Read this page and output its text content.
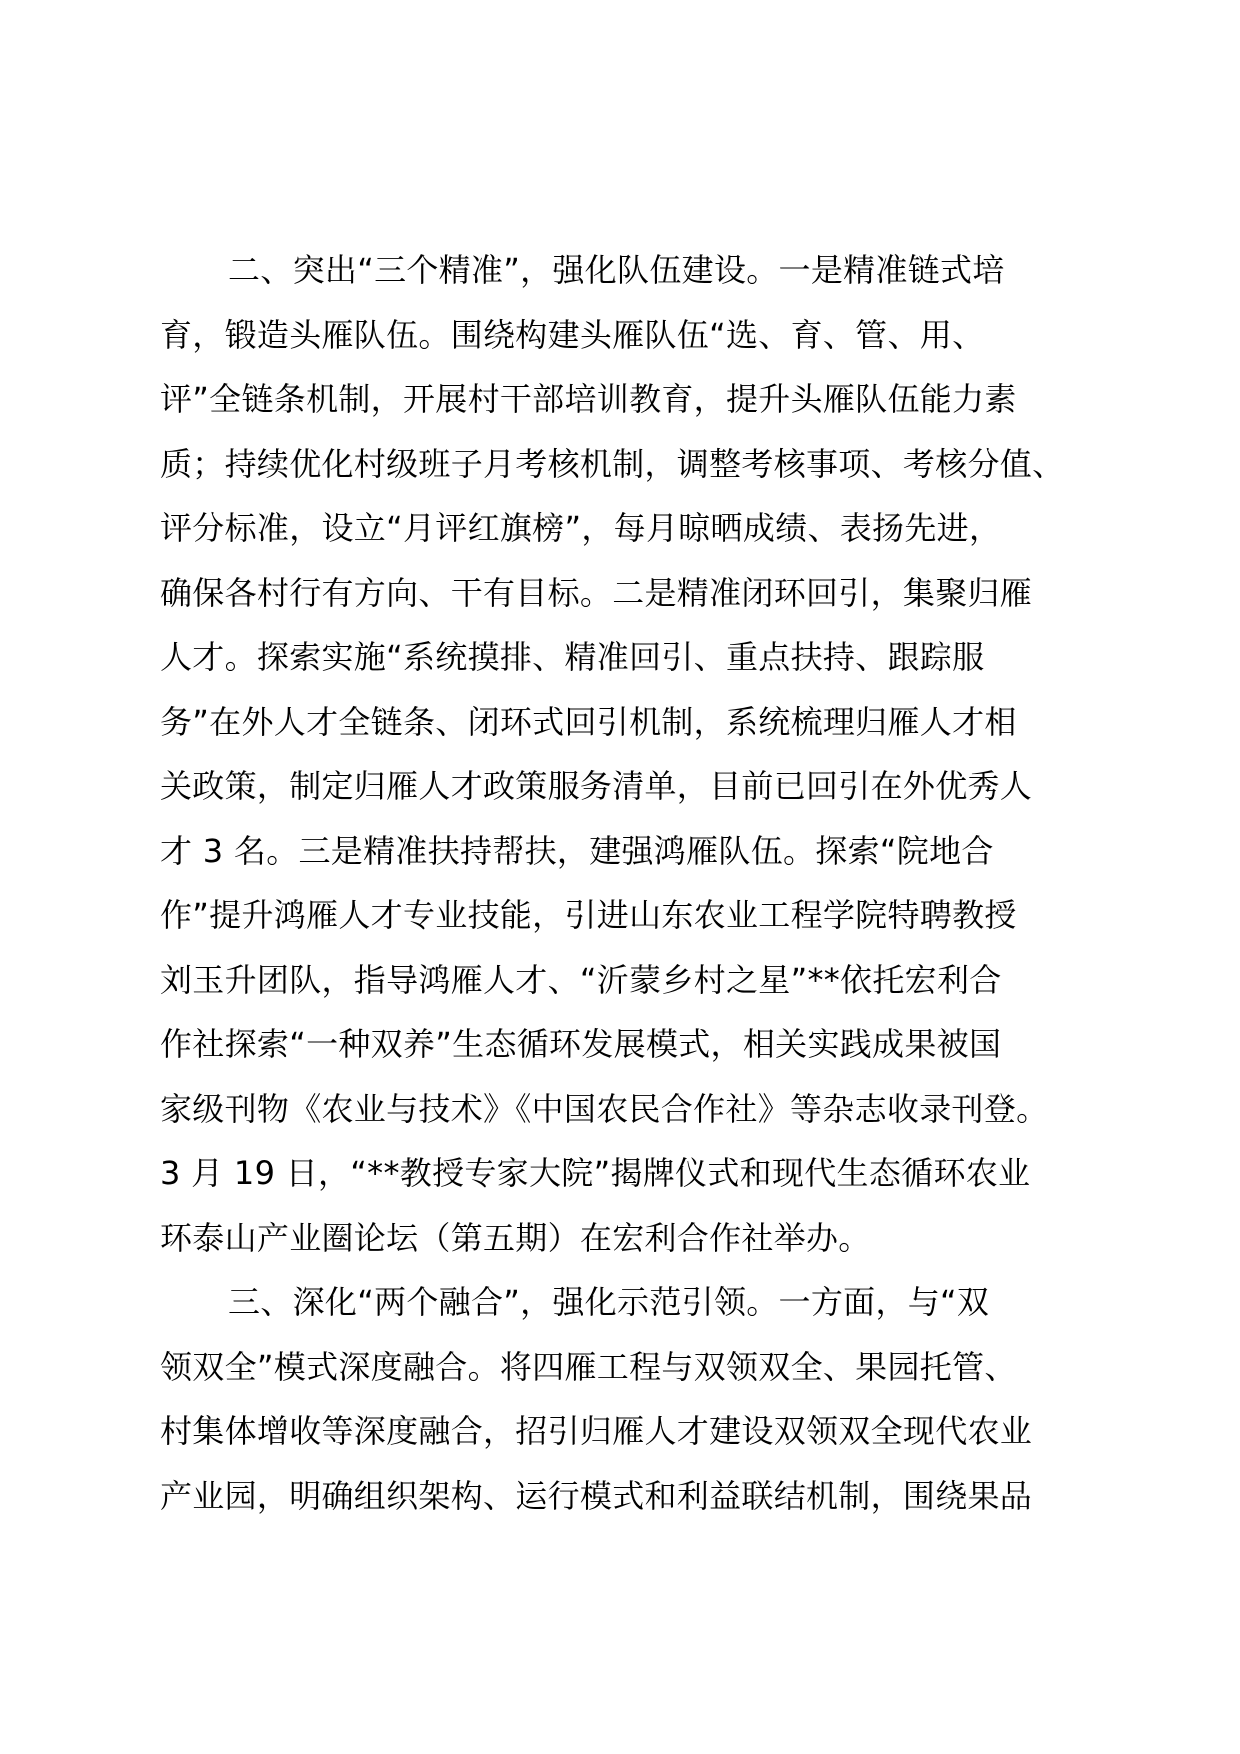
二、突出“三个精准”，强化队伍建设。一是精准链式培
育，锻造头雁队伍。围绕构建头雁队伍“选、育、管、用、
评”全链条机制，开展村干部培训教育，提升头雁队伍能力素
质；持续优化村级班子月考核机制，调整考核事项、考核分值、
评分标准，设立“月评红旗榜”，每月晾晒成绩、表扬先进，
确保各村行有方向、干有目标。二是精准闭环回引，集聚归雁
人才。探索实施“系统摸排、精准回引、重点扶持、跟踪服
务”在外人才全链条、闭环式回引机制，系统梳理归雁人才相
关政策，制定归雁人才政策服务清单，目前已回引在外优秀人
才 3 名。三是精准扶持帮扶，建强鸿雁队伍。探索“院地合
作”提升鸿雁人才专业技能，引进山东农业工程学院特聘教授
刘玉升团队，指导鸿雁人才、“沂蒙乡村之星”**依托宏利合
作社探索“一种双养”生态循环发展模式，相关实践成果被国
家级刊物《农业与技术》《中国农民合作社》等杂志收录刊登。
3 月 19 日，“**教授专家大院”揭牌仪式和现代生态循环农业
环泰山产业圈论坛（第五期）在宏利合作社举办。
三、深化“两个融合”，强化示范引领。一方面，与“双
领双全”模式深度融合。将四雁工程与双领双全、果园托管、
村集体增收等深度融合，招引归雁人才建设双领双全现代农业
产业园，明确组织架构、运行模式和利益联结机制，围绕果品
